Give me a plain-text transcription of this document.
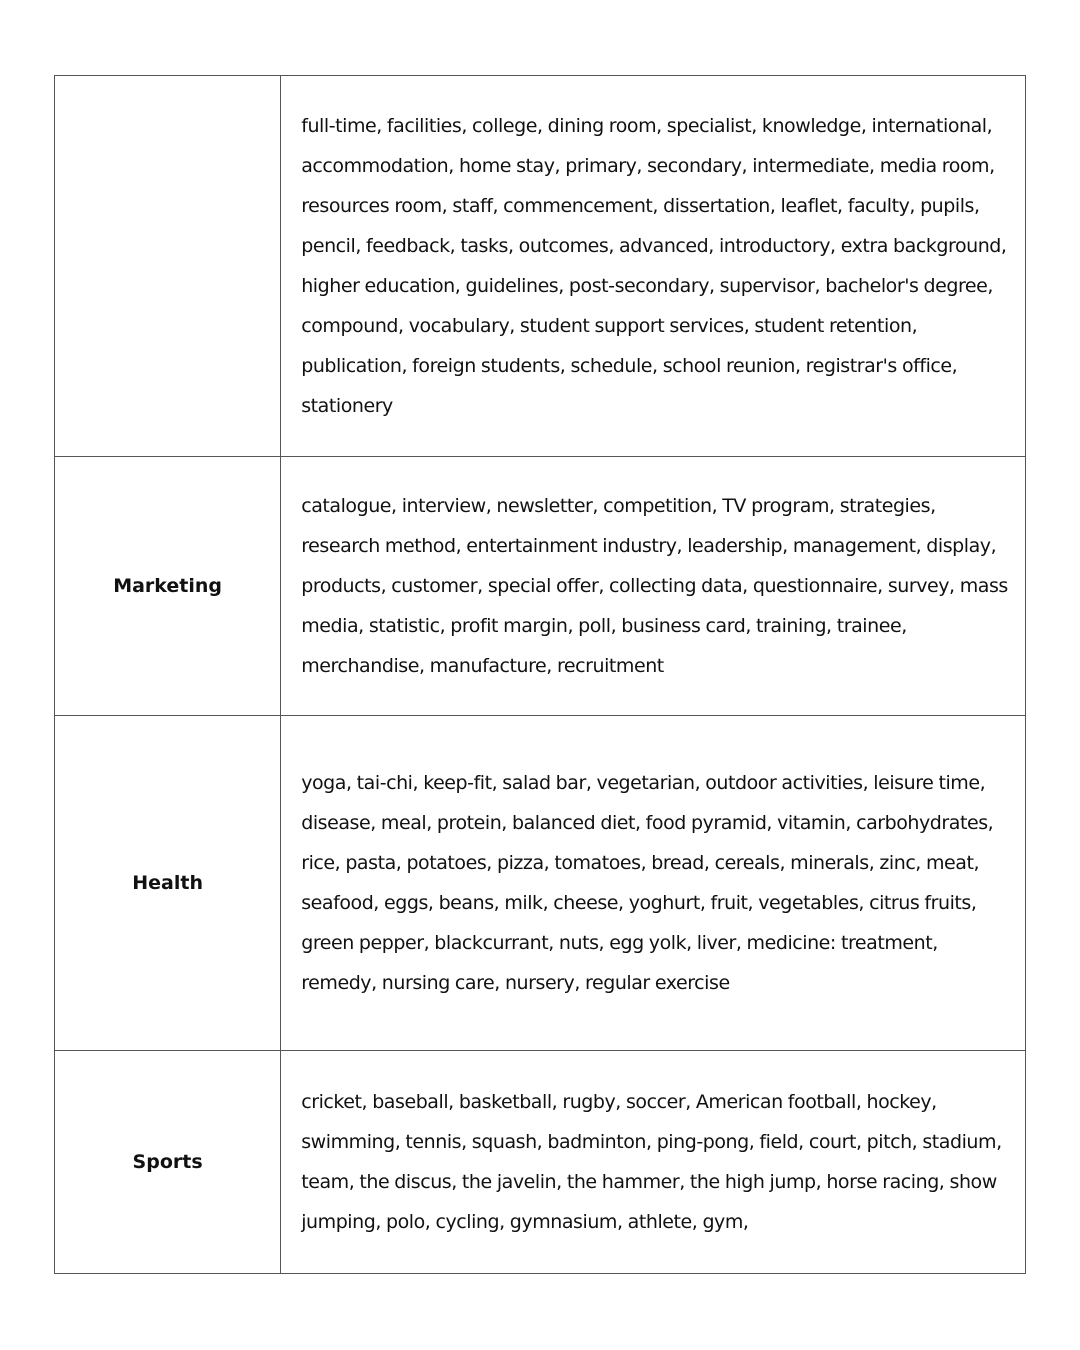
	full-time, facilities, college, dining room, specialist, knowledge, international, accommodation, home stay, primary, secondary, intermediate, media room, resources room, staff, commencement, dissertation, leaflet, faculty, pupils, pencil, feedback, tasks, outcomes, advanced, introductory, extra background, higher education, guidelines, post-secondary, supervisor, bachelor's degree, compound, vocabulary, student support services, student retention, publication, foreign students, schedule, school reunion, registrar's office, stationery
Marketing	catalogue, interview, newsletter, competition, TV program, strategies, research method, entertainment industry, leadership, management, display, products, customer, special offer, collecting data, questionnaire, survey, mass media, statistic, profit margin, poll, business card, training, trainee, merchandise, manufacture, recruitment
Health	yoga, tai-chi, keep-fit, salad bar, vegetarian, outdoor activities, leisure time, disease, meal, protein, balanced diet, food pyramid, vitamin, carbohydrates, rice, pasta, potatoes, pizza, tomatoes, bread, cereals, minerals, zinc, meat, seafood, eggs, beans, milk, cheese, yoghurt, fruit, vegetables, citrus fruits, green pepper, blackcurrant, nuts, egg yolk, liver, medicine: treatment, remedy, nursing care, nursery, regular exercise
Sports	cricket, baseball, basketball, rugby, soccer, American football, hockey, swimming, tennis, squash, badminton, ping-pong, field, court, pitch, stadium, team, the discus, the javelin, the hammer, the high jump, horse racing, show jumping, polo, cycling, gymnasium, athlete, gym,
